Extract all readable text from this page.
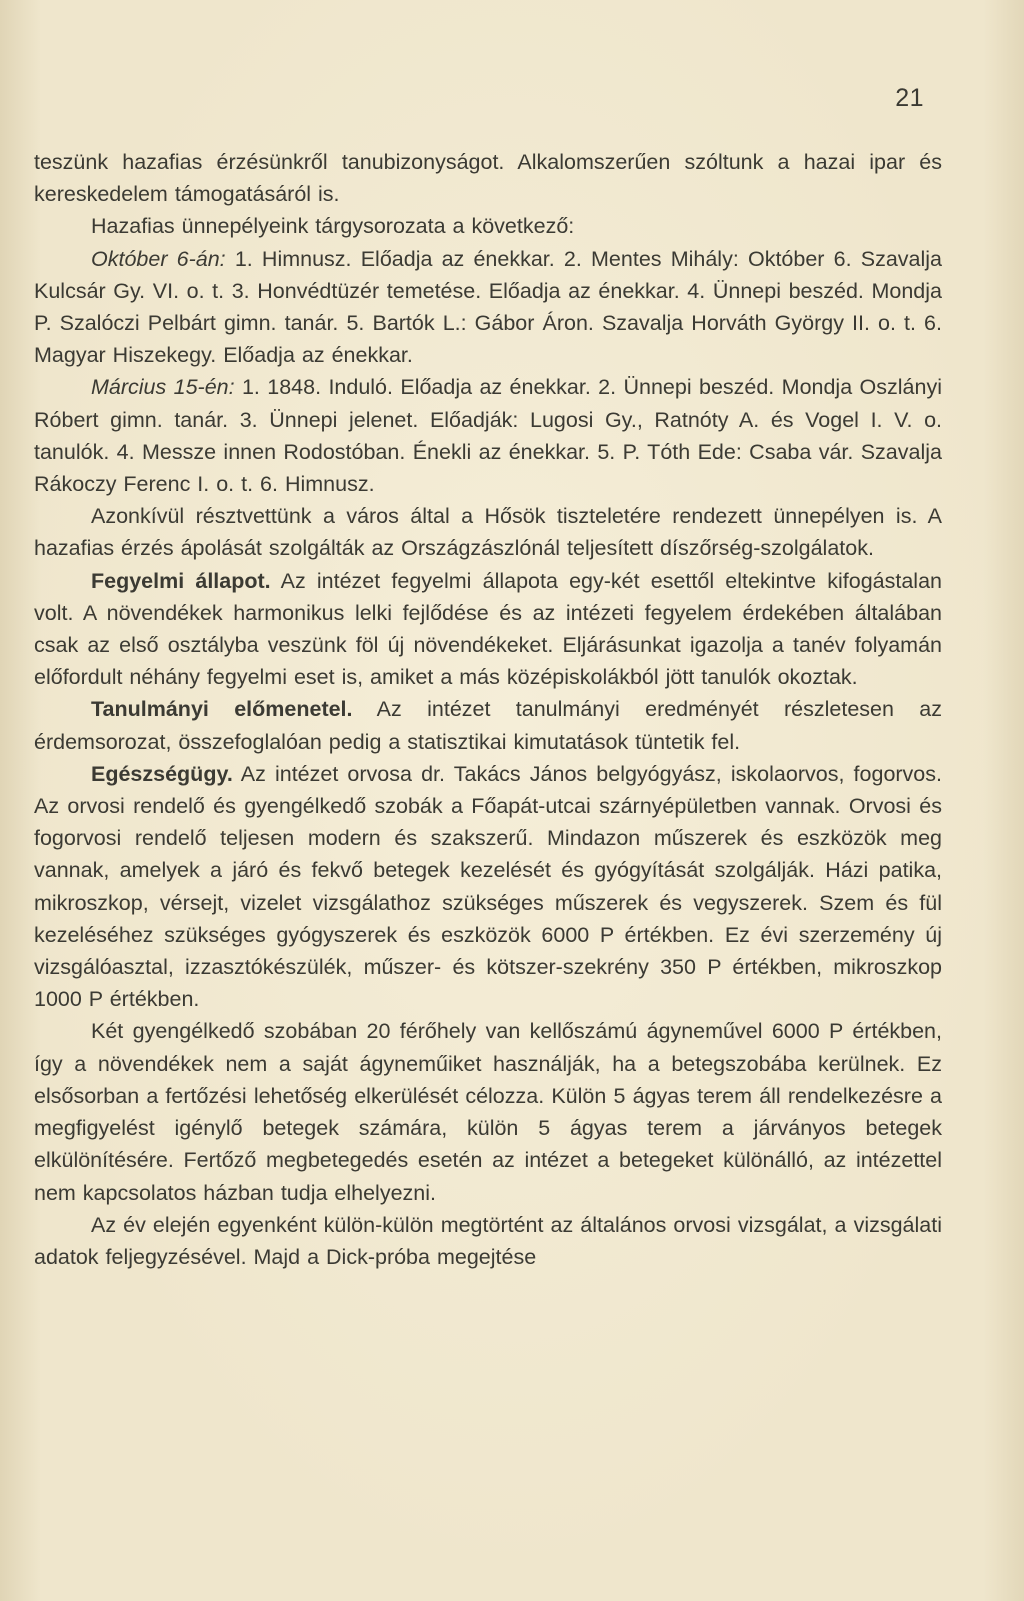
21

teszünk hazafias érzésünkről tanubizonyságot. Alkalomszerűen szóltunk a hazai ipar és kereskedelem támogatásáról is.

Hazafias ünnepélyeink tárgysorozata a következő:

Október 6-án: 1. Himnusz. Előadja az énekkar. 2. Mentes Mihály: Október 6. Szavalja Kulcsár Gy. VI. o. t. 3. Honvédtüzér temetése. Előadja az énekkar. 4. Ünnepi beszéd. Mondja P. Szalóczi Pelbárt gimn. tanár. 5. Bartók L.: Gábor Áron. Szavalja Horváth György II. o. t. 6. Magyar Hiszekegy. Előadja az énekkar.

Március 15-én: 1. 1848. Induló. Előadja az énekkar. 2. Ünnepi beszéd. Mondja Oszlányi Róbert gimn. tanár. 3. Ünnepi jelenet. Előadják: Lugosi Gy., Ratnóty A. és Vogel I. V. o. tanulók. 4. Messze innen Rodostóban. Énekli az énekkar. 5. P. Tóth Ede: Csaba vár. Szavalja Rákoczy Ferenc I. o. t. 6. Himnusz.

Azonkívül résztvettünk a város által a Hősök tiszteletére rendezett ünnepélyen is. A hazafias érzés ápolását szolgálták az Országzászlónál teljesített díszőrség-szolgálatok.

Fegyelmi állapot. Az intézet fegyelmi állapota egy-két esettől eltekintve kifogástalan volt. A növendékek harmonikus lelki fejlődése és az intézeti fegyelem érdekében általában csak az első osztályba veszünk föl új növendékeket. Eljárásunkat igazolja a tanév folyamán előfordult néhány fegyelmi eset is, amiket a más középiskolákból jött tanulók okoztak.

Tanulmányi előmenetel. Az intézet tanulmányi eredményét részletesen az érdemsorozat, összefoglalóan pedig a statisztikai kimutatások tüntetik fel.

Egészségügy. Az intézet orvosa dr. Takács János belgyógyász, iskolaorvos, fogorvos. Az orvosi rendelő és gyengélkedő szobák a Főapát-utcai szárnyépületben vannak. Orvosi és fogorvosi rendelő teljesen modern és szakszerű. Mindazon műszerek és eszközök meg vannak, amelyek a járó és fekvő betegek kezelését és gyógyítását szolgálják. Házi patika, mikroszkop, vérsejt, vizelet vizsgálathoz szükséges műszerek és vegyszerek. Szem és fül kezeléséhez szükséges gyógyszerek és eszközök 6000 P értékben. Ez évi szerzemény új vizsgálóasztal, izzasztókészülék, műszer- és kötszer-szekrény 350 P értékben, mikroszkop 1000 P értékben.

Két gyengélkedő szobában 20 férőhely van kellőszámú ágyneművel 6000 P értékben, így a növendékek nem a saját ágyneműiket használják, ha a betegszobába kerülnek. Ez elsősorban a fertőzési lehetőség elkerülését célozza. Külön 5 ágyas terem áll rendelkezésre a megfigyelést igénylő betegek számára, külön 5 ágyas terem a járványos betegek elkülönítésére. Fertőző megbetegedés esetén az intézet a betegeket különálló, az intézettel nem kapcsolatos házban tudja elhelyezni.

Az év elején egyenként külön-külön megtörtént az általános orvosi vizsgálat, a vizsgálati adatok feljegyzésével. Majd a Dick-próba megejtése
